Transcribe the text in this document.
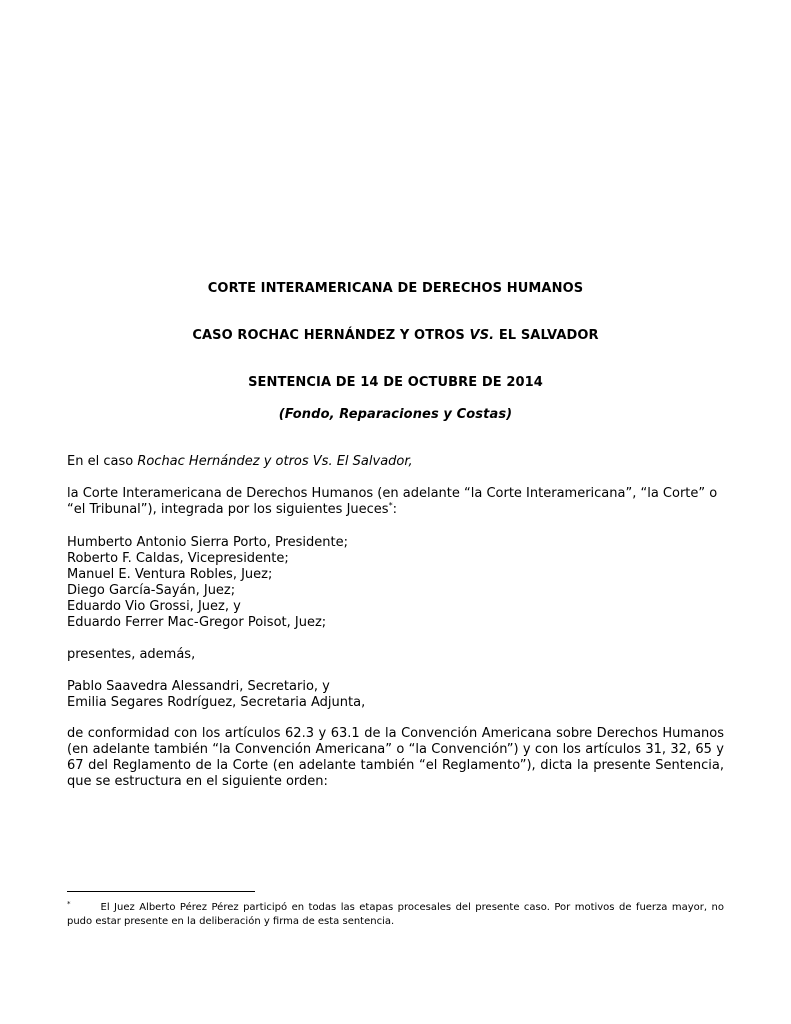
CORTE INTERAMERICANA DE DERECHOS HUMANOS
CASO ROCHAC HERNÁNDEZ Y OTROS VS. EL SALVADOR
SENTENCIA DE 14 DE OCTUBRE DE 2014
(Fondo, Reparaciones y Costas)
En el caso Rochac Hernández y otros Vs. El Salvador,
la Corte Interamericana de Derechos Humanos (en adelante “la Corte Interamericana”, “la Corte” o “el Tribunal”), integrada por los siguientes Jueces*:
Humberto Antonio Sierra Porto, Presidente;
Roberto F. Caldas, Vicepresidente;
Manuel E. Ventura Robles, Juez;
Diego García-Sayán, Juez;
Eduardo Vio Grossi, Juez, y
Eduardo Ferrer Mac-Gregor Poisot, Juez;
presentes, además,
Pablo Saavedra Alessandri, Secretario, y
Emilia Segares Rodríguez, Secretaria Adjunta,
de conformidad con los artículos 62.3 y 63.1 de la Convención Americana sobre Derechos Humanos (en adelante también “la Convención Americana” o “la Convención”) y con los artículos 31, 32, 65 y 67 del Reglamento de la Corte (en adelante también “el Reglamento”), dicta la presente Sentencia, que se estructura en el siguiente orden:
*	El Juez Alberto Pérez Pérez participó en todas las etapas procesales del presente caso. Por motivos de fuerza mayor, no pudo estar presente en la deliberación y firma de esta sentencia.
